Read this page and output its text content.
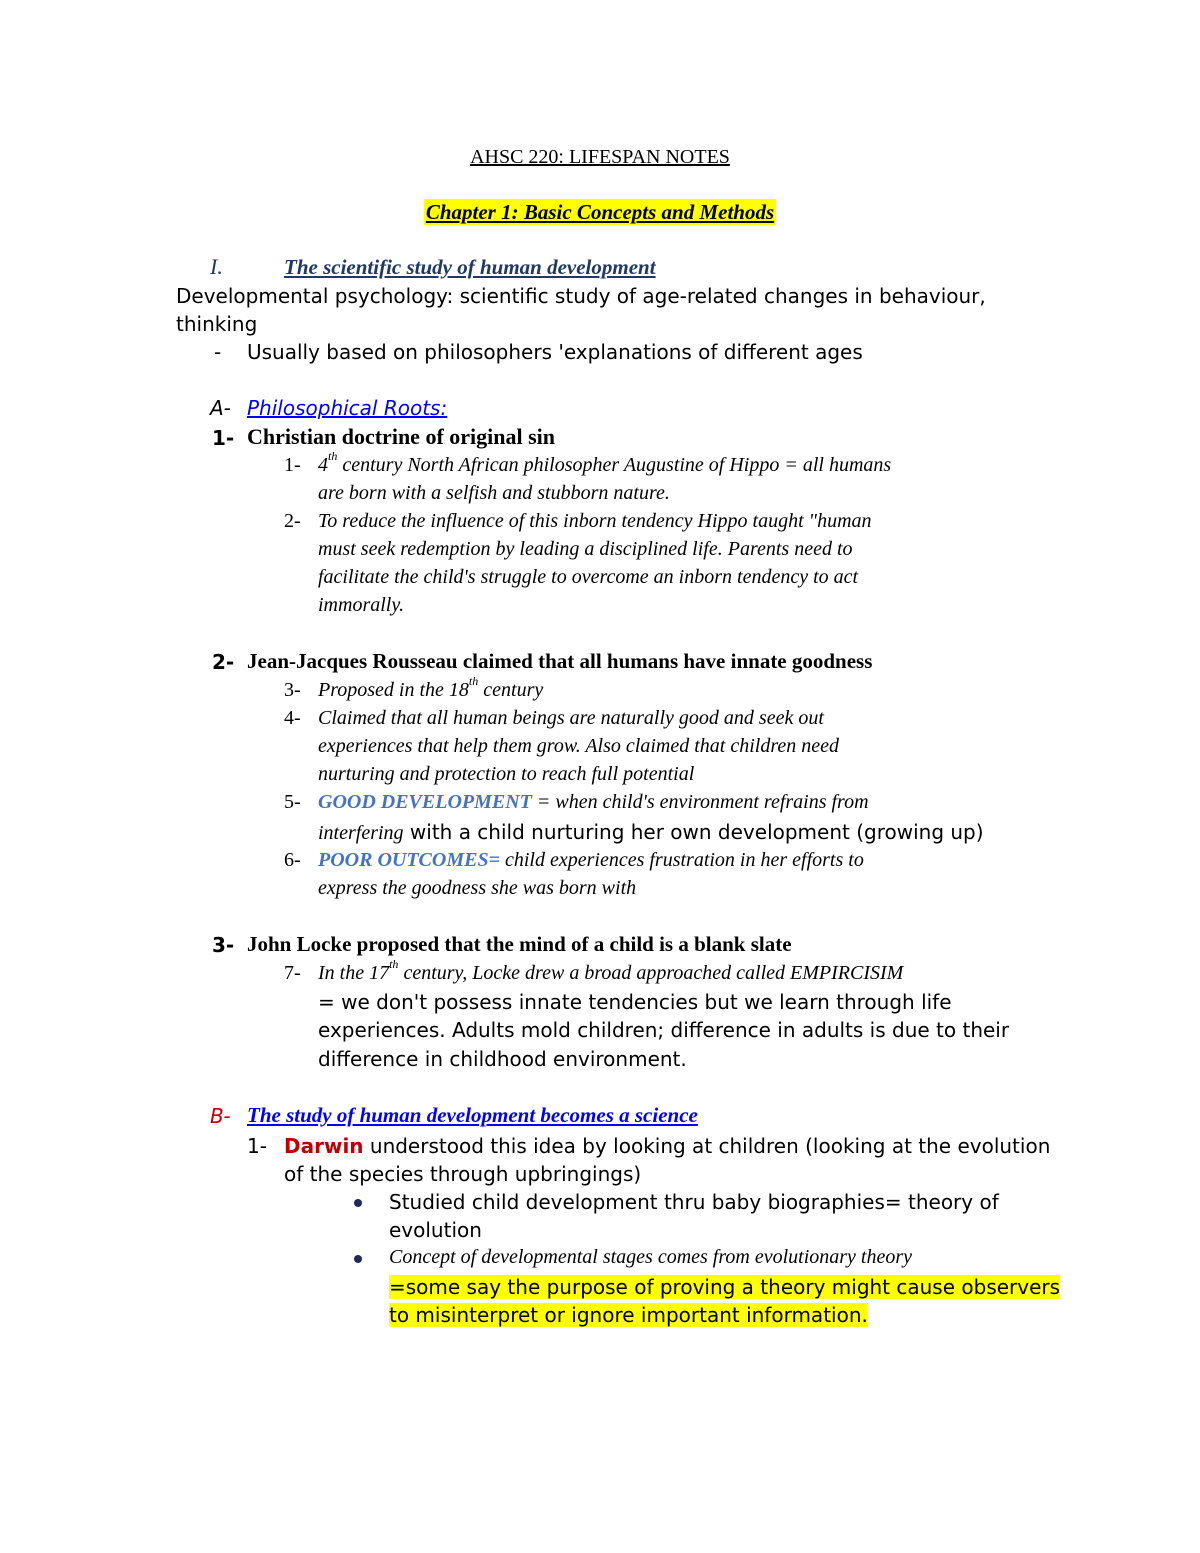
AHSC 220: LIFESPAN NOTES
Chapter 1: Basic Concepts and Methods
I.	The scientific study of human development
Developmental psychology: scientific study of age-related changes in behaviour,
thinking
- Usually based on philosophers 'explanations of different ages
A- Philosophical Roots:
1- Christian doctrine of original sin
1- 4th century North African philosopher Augustine of Hippo = all humans
are born with a selfish and stubborn nature.
2- To reduce the influence of this inborn tendency Hippo taught "human
must seek redemption by leading a disciplined life. Parents need to
facilitate the child's struggle to overcome an inborn tendency to act
immorally.
2- Jean-Jacques Rousseau claimed that all humans have innate goodness
3- Proposed in the 18th century
4- Claimed that all human beings are naturally good and seek out
experiences that help them grow. Also claimed that children need
nurturing and protection to reach full potential
5- GOOD DEVELOPMENT = when child's environment refrains from
interfering with a child nurturing her own development (growing up)
6- POOR OUTCOMES= child experiences frustration in her efforts to
express the goodness she was born with
3- John Locke proposed that the mind of a child is a blank slate
7- In the 17th century, Locke drew a broad approached called EMPIRCISIM
= we don't possess innate tendencies but we learn through life
experiences. Adults mold children; difference in adults is due to their
difference in childhood environment.
B- The study of human development becomes a science
1- Darwin understood this idea by looking at children (looking at the evolution
of the species through upbringings)
Studied child development thru baby biographies= theory of
evolution
Concept of developmental stages comes from evolutionary theory
=some say the purpose of proving a theory might cause observers
to misinterpret or ignore important information.
